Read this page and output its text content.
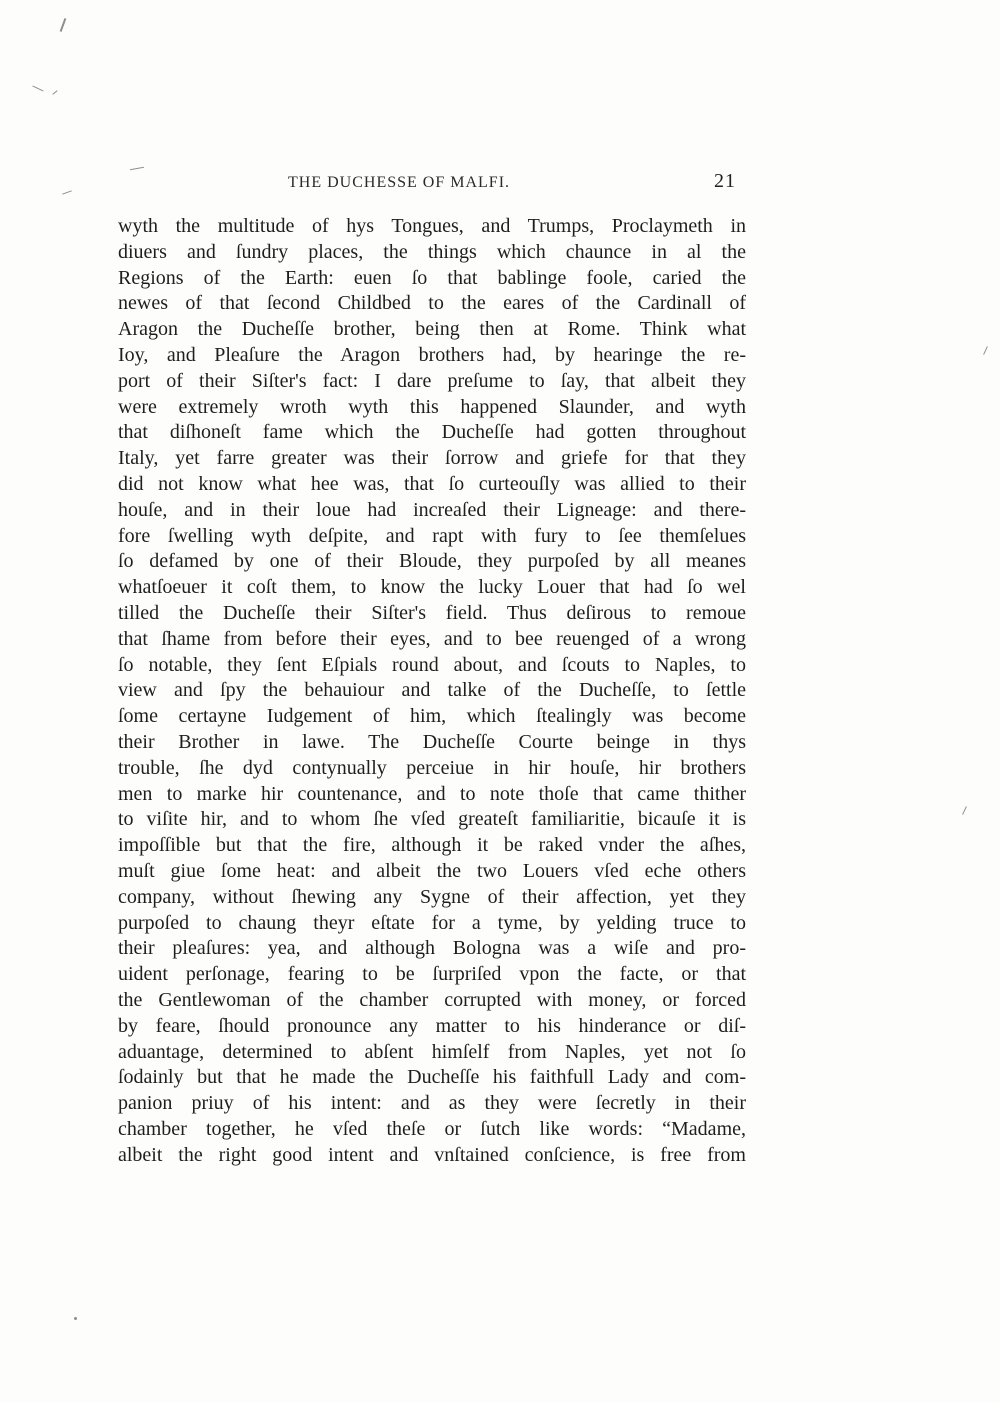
THE DUCHESSE OF MALFI.	21
wyth the multitude of hys Tongues, and Trumps, Proclaymeth in
diuers and ſundry places, the things which chaunce in al the
Regions of the Earth: euen ſo that bablinge foole, caried the
newes of that ſecond Childbed to the eares of the Cardinall of
Aragon the Ducheſſe brother, being then at Rome. Think what
Ioy, and Pleaſure the Aragon brothers had, by hearinge the re-
port of their Siſter's fact: I dare preſume to ſay, that albeit they
were extremely wroth wyth this happened Slaunder, and wyth
that diſhoneſt fame which the Ducheſſe had gotten throughout
Italy, yet farre greater was their ſorrow and griefe for that they
did not know what hee was, that ſo curteouſly was allied to their
houſe, and in their loue had increaſed their Ligneage: and there-
fore ſwelling wyth deſpite, and rapt with fury to ſee themſelues
ſo defamed by one of their Bloude, they purpoſed by all meanes
whatſoeuer it coſt them, to know the lucky Louer that had ſo wel
tilled the Ducheſſe their Siſter's field. Thus deſirous to remoue
that ſhame from before their eyes, and to bee reuenged of a wrong
ſo notable, they ſent Eſpials round about, and ſcouts to Naples, to
view and ſpy the behauiour and talke of the Ducheſſe, to ſettle
ſome certayne Iudgement of him, which ſtealingly was become
their Brother in lawe. The Ducheſſe Courte beinge in thys
trouble, ſhe dyd contynually perceiue in hir houſe, hir brothers
men to marke hir countenance, and to note thoſe that came thither
to viſite hir, and to whom ſhe vſed greateſt familiaritie, bicauſe it is
impoſſible but that the fire, although it be raked vnder the aſhes,
muſt giue ſome heat: and albeit the two Louers vſed eche others
company, without ſhewing any Sygne of their affection, yet they
purpoſed to chaung theyr eſtate for a tyme, by yelding truce to
their pleaſures: yea, and although Bologna was a wiſe and pro-
uident perſonage, fearing to be ſurpriſed vpon the facte, or that
the Gentlewoman of the chamber corrupted with money, or forced
by feare, ſhould pronounce any matter to his hinderance or diſ-
aduantage, determined to abſent himſelf from Naples, yet not ſo
ſodainly but that he made the Ducheſſe his faithfull Lady and com-
panion priuy of his intent: and as they were ſecretly in their
chamber together, he vſed theſe or ſutch like words: “Madame,
albeit the right good intent and vnſtained conſcience, is free from
